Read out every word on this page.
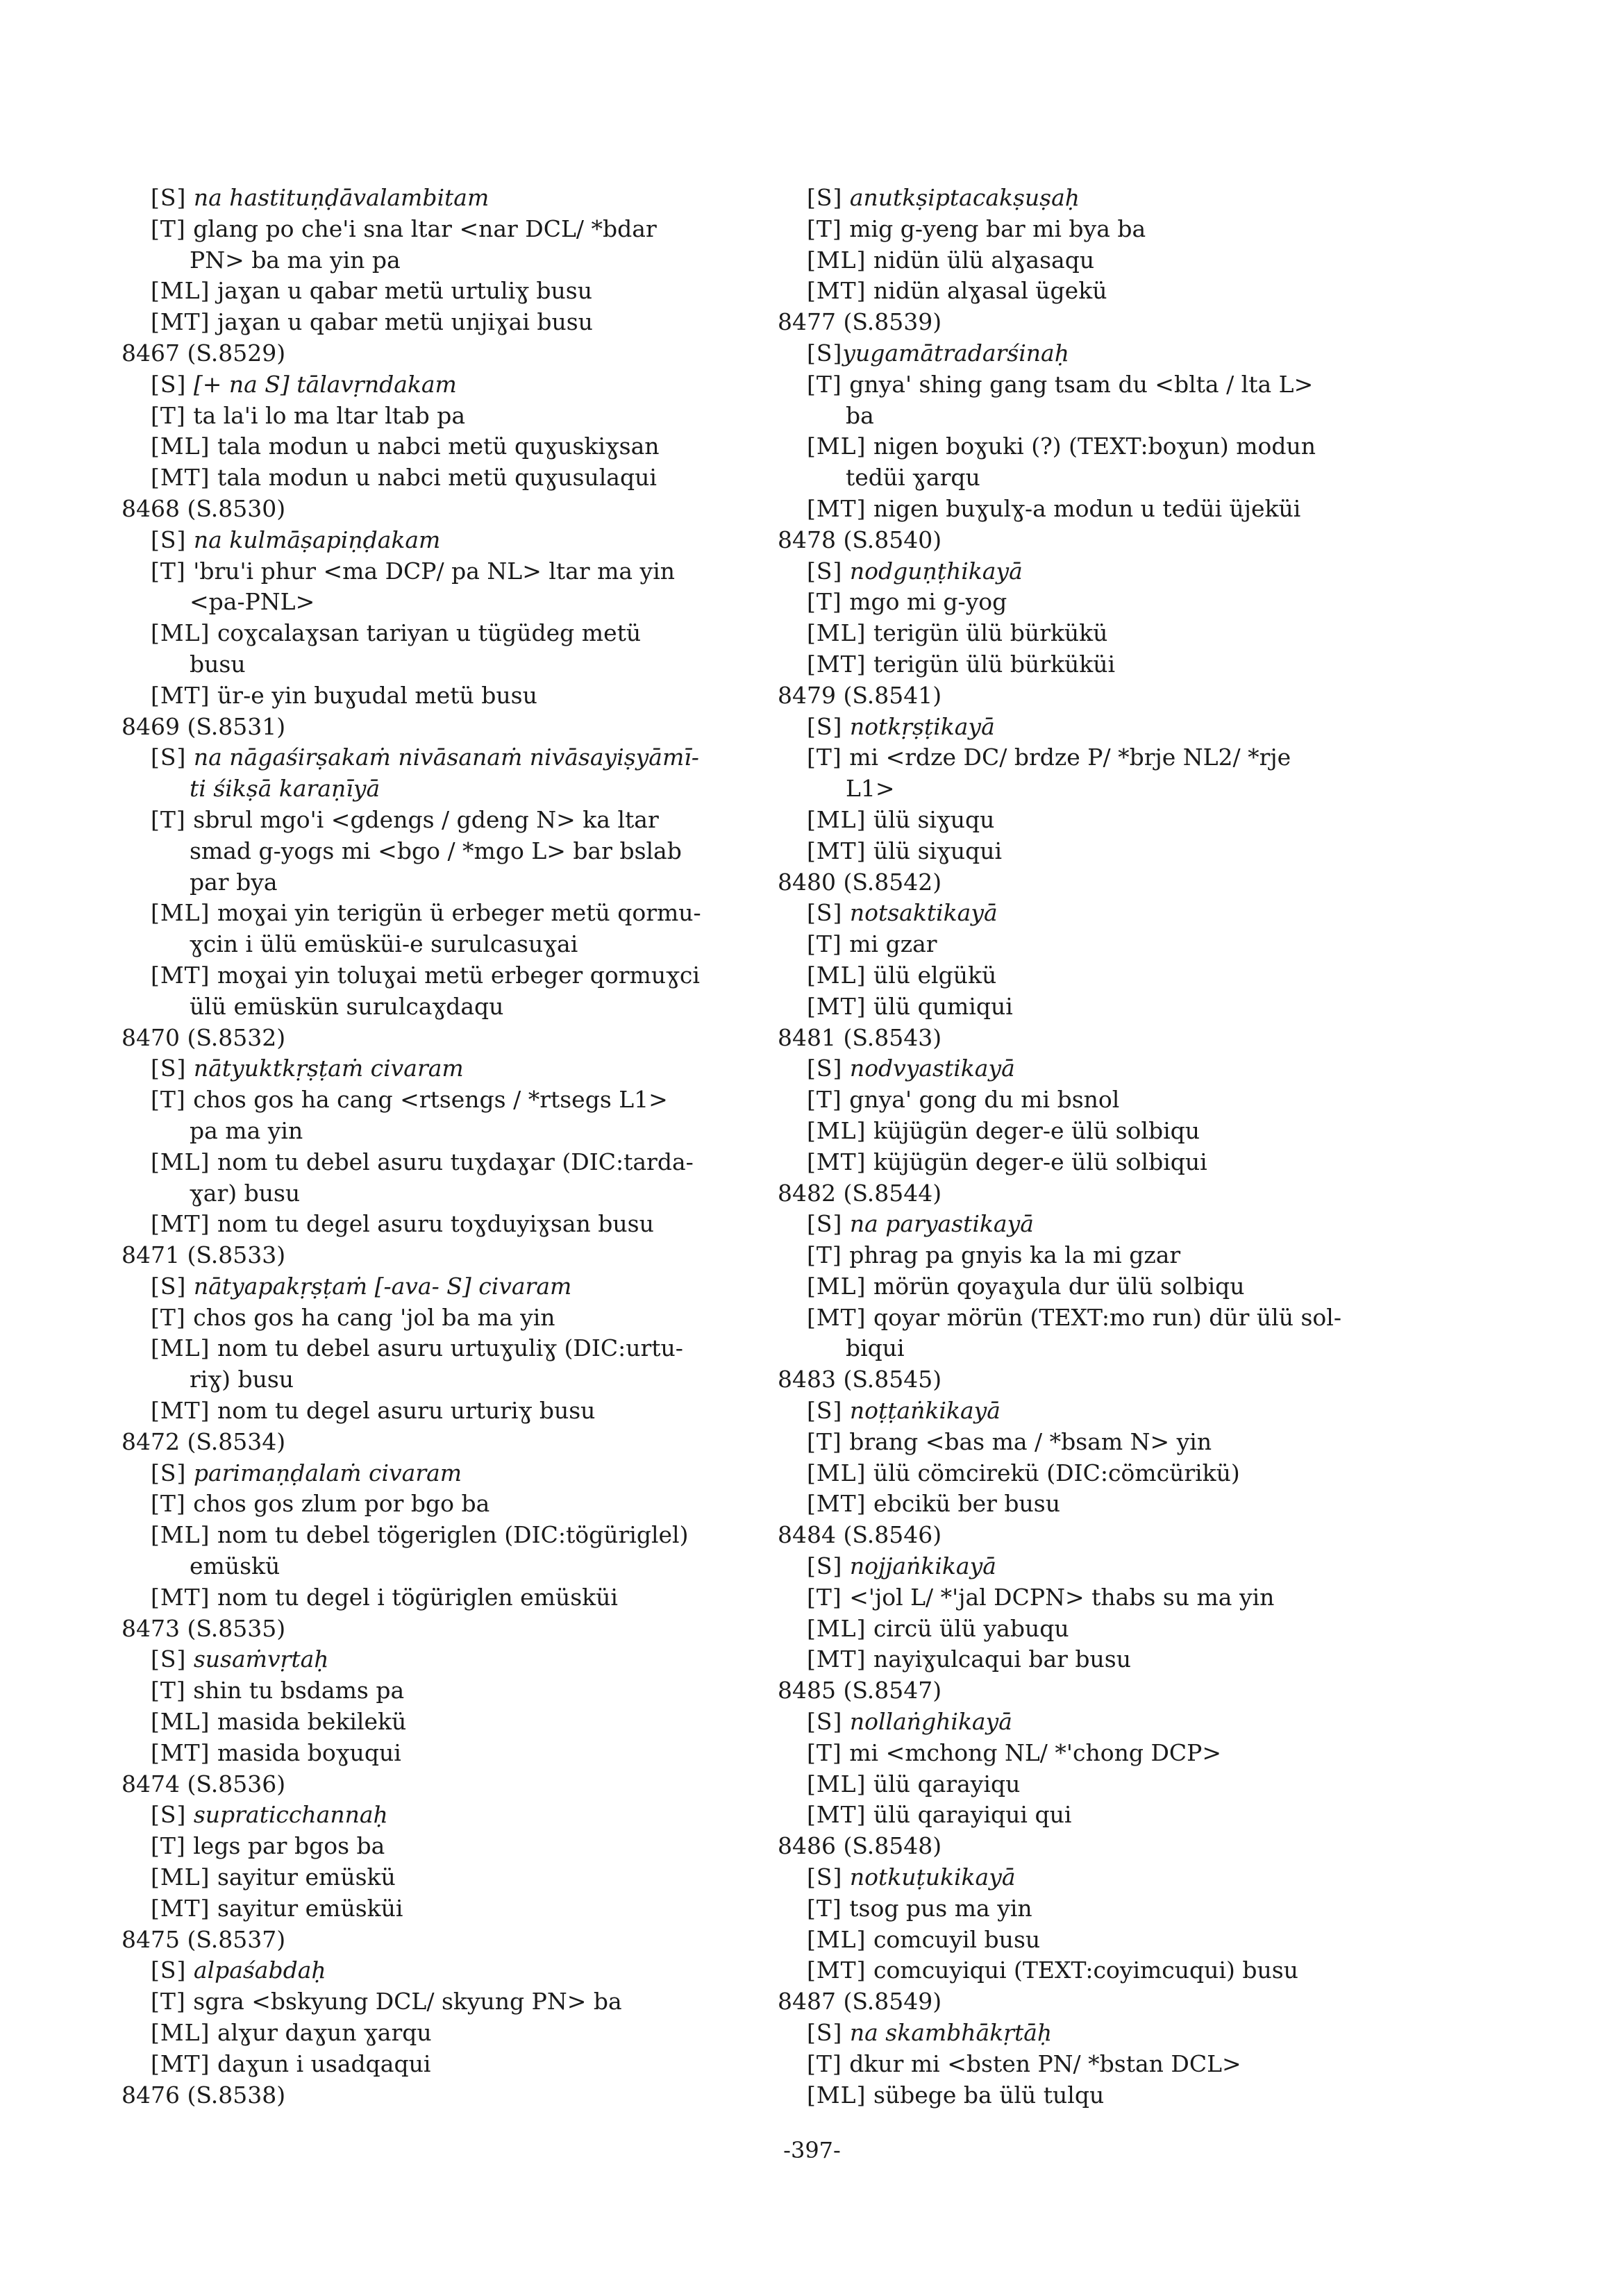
[S] na hastituṇḍāvalambitam
[T] glang po che'i sna ltar <nar DCL/ *bdar
PN> ba ma yin pa
[ML] jaɣan u qabar metü urtuliɣ busu
[MT] jaɣan u qabar metü unjiɣai busu
8467 (S.8529)
[S] [+ na S] tālavṛndakam
[T] ta la'i lo ma ltar ltab pa
[ML] tala modun u nabci metü quɣuskiɣsan
[MT] tala modun u nabci metü quɣusulaqui
8468 (S.8530)
[S] na kulmāṣapiṇḍakam
[T] 'bru'i phur <ma DCP/ pa NL> ltar ma yin
<pa-PNL>
[ML] coɣcalaɣsan tariyan u tügüdeg metü
busu
[MT] ür-e yin buɣudal metü busu
8469 (S.8531)
[S] na nāgaśirṣakaṁ nivāsanaṁ nivāsayiṣyāmī-
ti śikṣā karaṇīyā
[T] sbrul mgo'i <gdengs / gdeng N> ka ltar
smad g-yogs mi <bgo / *mgo L> bar bslab
par bya
[ML] moɣai yin terigün ü erbeger metü qormu-
ɣcin i ülü emüsküi-e surulcasuɣai
[MT] moɣai yin toluɣai metü erbeger qormuɣci
ülü emüskün surulcaɣdaqu
8470 (S.8532)
[S] nātyuktkṛṣṭaṁ civaram
[T] chos gos ha cang <rtsengs / *rtsegs L1>
pa ma yin
[ML] nom tu debel asuru tuɣdaɣar (DIC:tarda-
ɣar) busu
[MT] nom tu degel asuru toɣduyiɣsan busu
8471 (S.8533)
[S] nātyapakṛṣṭaṁ [-ava- S] civaram
[T] chos gos ha cang 'jol ba ma yin
[ML] nom tu debel asuru urtuɣuliɣ (DIC:urtu-
riɣ) busu
[MT] nom tu degel asuru urturiɣ busu
8472 (S.8534)
[S] parimaṇḍalaṁ civaram
[T] chos gos zlum por bgo ba
[ML] nom tu debel tögeriglen (DIC:tögüriglel)
emüskü
[MT] nom tu degel i tögüriglen emüsküi
8473 (S.8535)
[S] susaṁvṛtaḥ
[T] shin tu bsdams pa
[ML] masida bekilekü
[MT] masida boɣuqui
8474 (S.8536)
[S] supraticchannaḥ
[T] legs par bgos ba
[ML] sayitur emüskü
[MT] sayitur emüsküi
8475 (S.8537)
[S] alpaśabdaḥ
[T] sgra <bskyung DCL/ skyung PN> ba
[ML] alɣur daɣun ɣarqu
[MT] daɣun i usadqaqui
8476 (S.8538)
[S] anutkṣiptacakṣuṣaḥ
[T] mig g-yeng bar mi bya ba
[ML] nidün ülü alɣasaqu
[MT] nidün alɣasal ügekü
8477 (S.8539)
[S]yugamātradarśinaḥ
[T] gnya' shing gang tsam du <blta / lta L>
ba
[ML] nigen boɣuki (?) (TEXT:boɣun) modun
tedüi ɣarqu
[MT] nigen buɣulɣ-a modun u tedüi üjeküi
8478 (S.8540)
[S] nodguṇṭhikayā
[T] mgo mi g-yog
[ML] terigün ülü bürkükü
[MT] terigün ülü bürküküi
8479 (S.8541)
[S] notkṛṣṭikayā
[T] mi <rdze DC/ brdze P/ *brje NL2/ *rje
L1>
[ML] ülü siɣuqu
[MT] ülü siɣuqui
8480 (S.8542)
[S] notsaktikayā
[T] mi gzar
[ML] ülü elgükü
[MT] ülü qumiqui
8481 (S.8543)
[S] nodvyastikayā
[T] gnya' gong du mi bsnol
[ML] küjügün deger-e ülü solbiqu
[MT] küjügün deger-e ülü solbiqui
8482 (S.8544)
[S] na paryastikayā
[T] phrag pa gnyis ka la mi gzar
[ML] mörün qoyaɣula dur ülü solbiqu
[MT] qoyar mörün (TEXT:mo run) dür ülü sol-
biqui
8483 (S.8545)
[S] noṭṭaṅkikayā
[T] brang <bas ma / *bsam N> yin
[ML] ülü cömcirekü (DIC:cömcürikü)
[MT] ebcikü ber busu
8484 (S.8546)
[S] nojjaṅkikayā
[T] <'jol L/ *'jal DCPN> thabs su ma yin
[ML] circü ülü yabuqu
[MT] nayiɣulcaqui bar busu
8485 (S.8547)
[S] nollaṅghikayā
[T] mi <mchong NL/ *'chong DCP>
[ML] ülü qarayiqu
[MT] ülü qarayiqui qui
8486 (S.8548)
[S] notkuṭukikayā
[T] tsog pus ma yin
[ML] comcuyil busu
[MT] comcuyiqui (TEXT:coyimcuqui) busu
8487 (S.8549)
[S] na skambhākṛtāḥ
[T] dkur mi <bsten PN/ *bstan DCL>
[ML] sübege ba ülü tulqu
-397-
